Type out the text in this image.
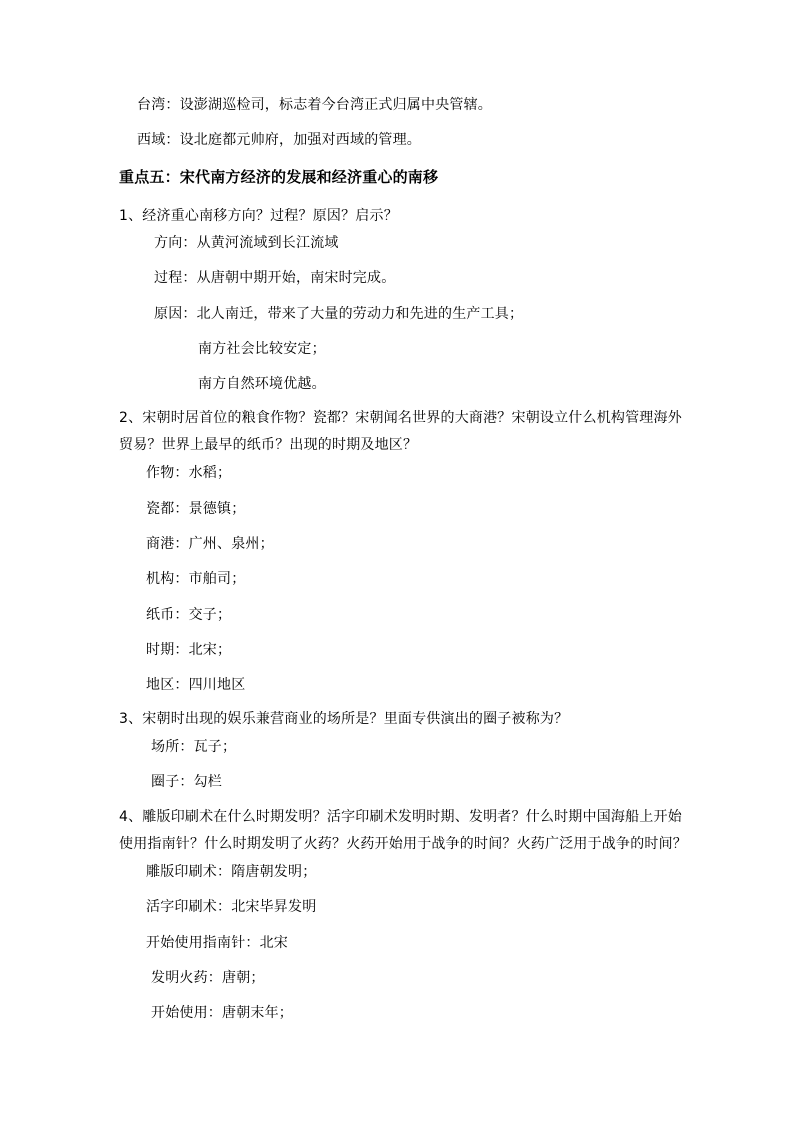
台湾：设澎湖巡检司，标志着今台湾正式归属中央管辖。
西域：设北庭都元帅府，加强对西域的管理。
重点五：宋代南方经济的发展和经济重心的南移
1、经济重心南移方向？过程？原因？启示？
方向：从黄河流域到长江流域
过程：从唐朝中期开始，南宋时完成。
原因：北人南迁，带来了大量的劳动力和先进的生产工具；
南方社会比较安定；
南方自然环境优越。
2、宋朝时居首位的粮食作物？瓷都？宋朝闻名世界的大商港？宋朝设立什么机构管理海外
贸易？世界上最早的纸币？出现的时期及地区？
作物：水稻；
瓷都：景德镇；
商港：广州、泉州；
机构：市舶司；
纸币：交子；
时期：北宋；
地区：四川地区
3、宋朝时出现的娱乐兼营商业的场所是？里面专供演出的圈子被称为？
场所：瓦子；
圈子：勾栏
4、雕版印刷术在什么时期发明？活字印刷术发明时期、发明者？什么时期中国海船上开始
使用指南针？什么时期发明了火药？火药开始用于战争的时间？火药广泛用于战争的时间？
雕版印刷术：隋唐朝发明；
活字印刷术：北宋毕昇发明
开始使用指南针：北宋
发明火药：唐朝；
开始使用：唐朝末年；
